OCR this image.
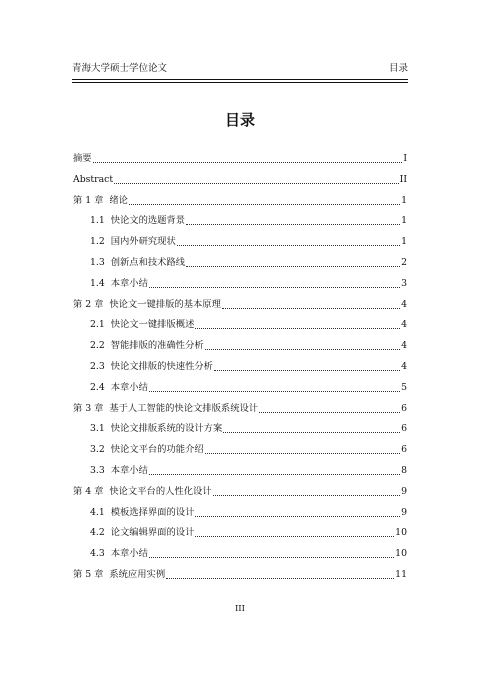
青海大学硕士学位论文	目录
目录
摘要	I
Abstract	II
第 1 章  绪论	1
1.1  快论文的选题背景	1
1.2  国内外研究现状	1
1.3  创新点和技术路线	2
1.4  本章小结	3
第 2 章  快论文一键排版的基本原理	4
2.1  快论文一键排版概述	4
2.2  智能排版的准确性分析	4
2.3  快论文排版的快速性分析	4
2.4  本章小结	5
第 3 章  基于人工智能的快论文排版系统设计	6
3.1  快论文排版系统的设计方案	6
3.2  快论文平台的功能介绍	6
3.3  本章小结	8
第 4 章  快论文平台的人性化设计	9
4.1  模板选择界面的设计	9
4.2  论文编辑界面的设计	10
4.3  本章小结	10
第 5 章  系统应用实例	11
III
